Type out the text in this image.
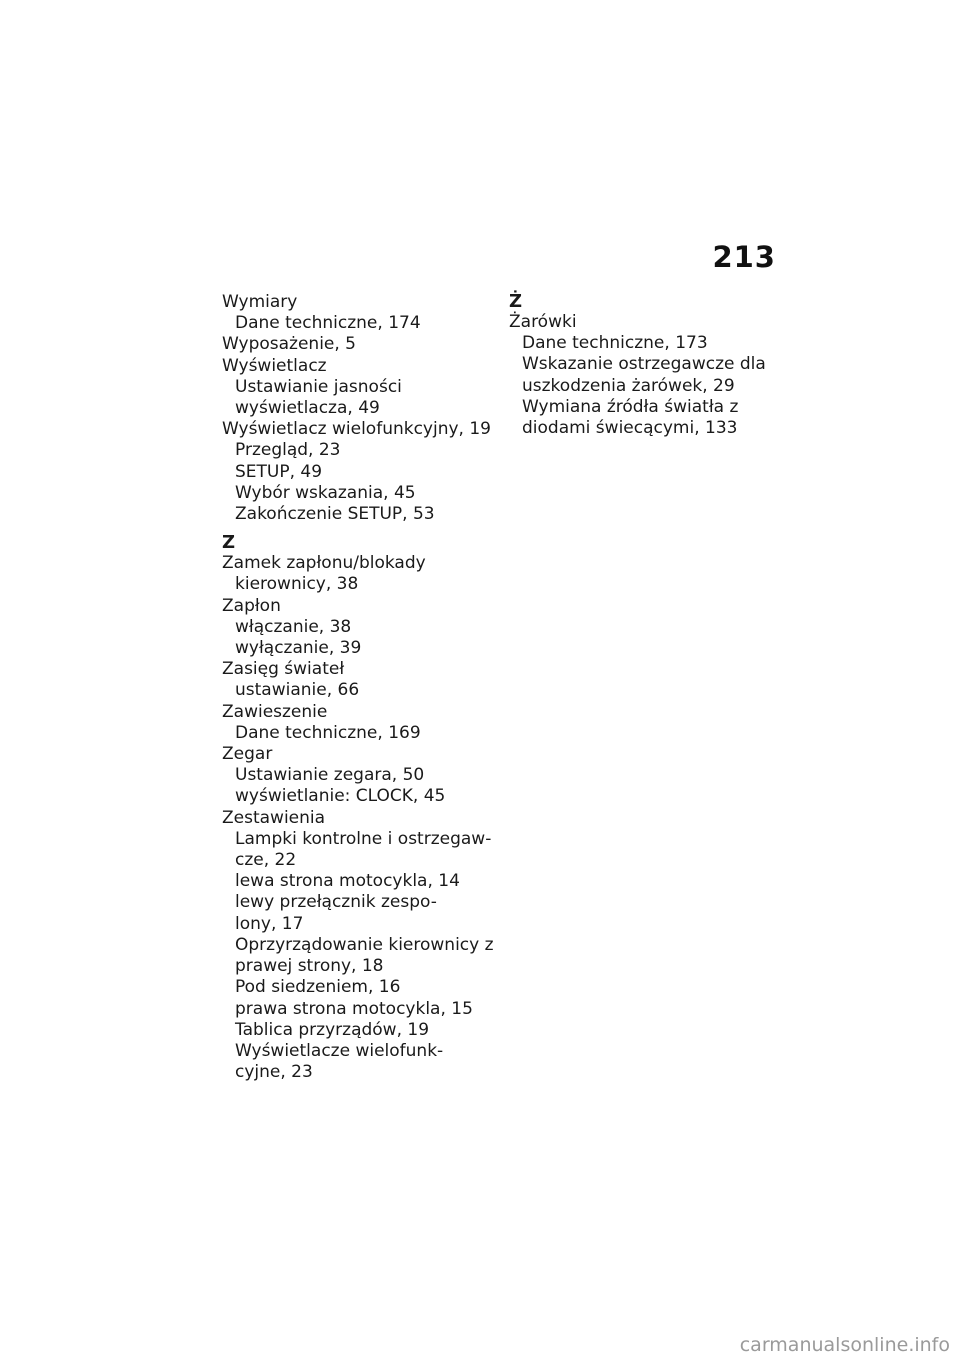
213
Wymiary
Dane techniczne, 174
Wyposażenie, 5
Wyświetlacz
Ustawianie jasności
wyświetlacza, 49
Wyświetlacz wielofunkcyjny, 19
Przegląd, 23
SETUP, 49
Wybór wskazania, 45
Zakończenie SETUP, 53
Z
Zamek zapłonu/blokady
kierownicy, 38
Zapłon
włączanie, 38
wyłączanie, 39
Zasięg świateł
ustawianie, 66
Zawieszenie
Dane techniczne, 169
Zegar
Ustawianie zegara, 50
wyświetlanie: CLOCK, 45
Zestawienia
Lampki kontrolne i ostrzegaw-
cze, 22
lewa strona motocykla, 14
lewy przełącznik zespo-
lony, 17
Oprzyrządowanie kierownicy z
prawej strony, 18
Pod siedzeniem, 16
prawa strona motocykla, 15
Tablica przyrządów, 19
Wyświetlacze wielofunk-
cyjne, 23
Ż
Żarówki
Dane techniczne, 173
Wskazanie ostrzegawcze dla
uszkodzenia żarówek, 29
Wymiana źródła światła z
diodami świecącymi, 133
carmanualsonline.info
